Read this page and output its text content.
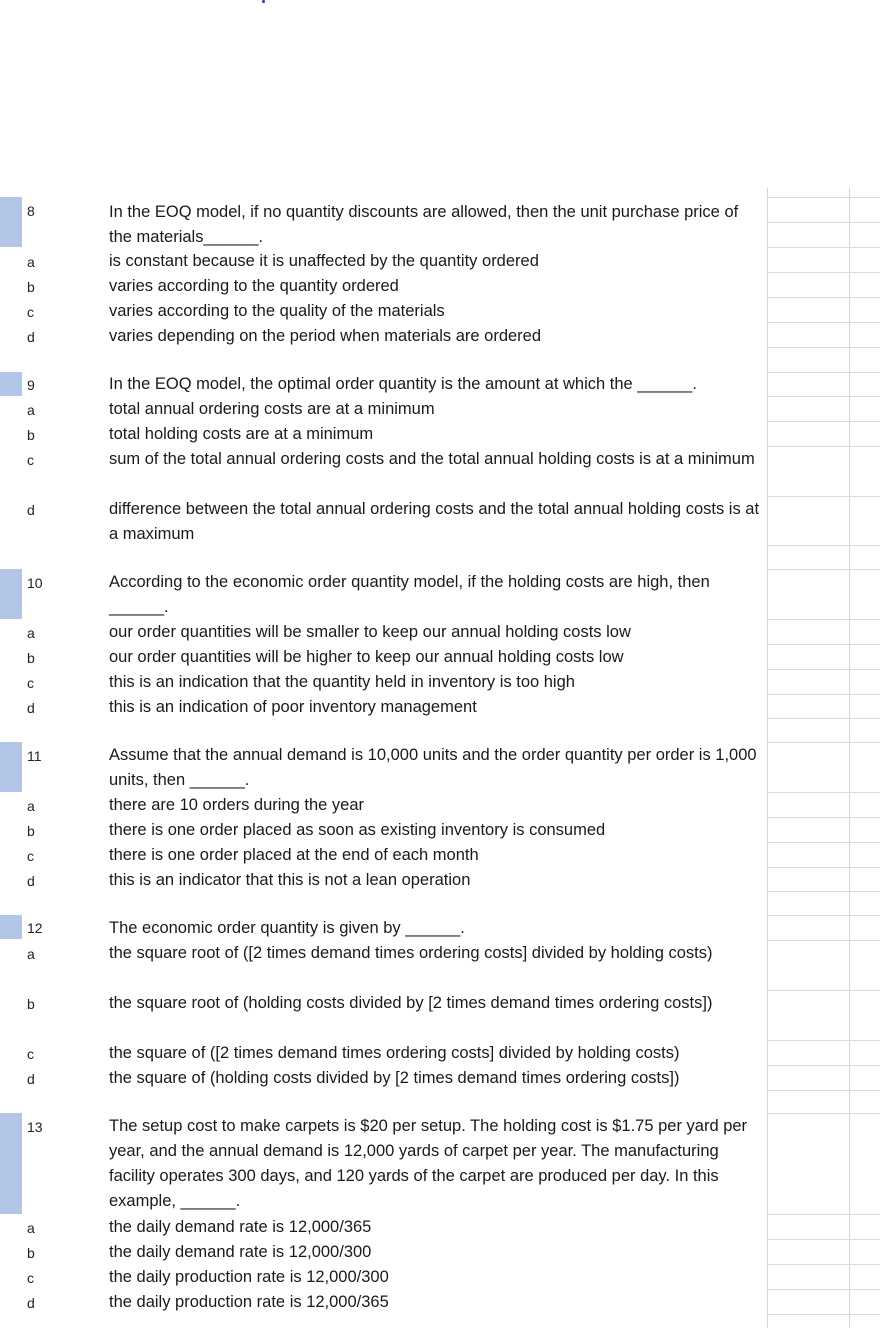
8	In the EOQ model, if no quantity discounts are allowed, then the unit purchase price of the materials______.
a	is constant because it is unaffected by the quantity ordered
b	varies according to the quantity ordered
c	varies according to the quality of the materials
d	varies depending on the period when materials are ordered
9	In the EOQ model, the optimal order quantity is the amount at which the ______.
a	total annual ordering costs are at a minimum
b	total holding costs are at a minimum
c	sum of the total annual ordering costs and the total annual holding costs is at a minimum
d	difference between the total annual ordering costs and the total annual holding costs is at a maximum
10	According to the economic order quantity model, if the holding costs are high, then ______.
a	our order quantities will be smaller to keep our annual holding costs low
b	our order quantities will be higher to keep our annual holding costs low
c	this is an indication that the quantity held in inventory is too high
d	this is an indication of poor inventory management
11	Assume that the annual demand is 10,000 units and the order quantity per order is 1,000 units, then ______.
a	there are 10 orders during the year
b	there is one order placed as soon as existing inventory is consumed
c	there is one order placed at the end of each month
d	this is an indicator that this is not a lean operation
12	The economic order quantity is given by ______.
a	the square root of ([2 times demand times ordering costs] divided by holding costs)
b	the square root of (holding costs divided by [2 times demand times ordering costs])
c	the square of ([2 times demand times ordering costs] divided by holding costs)
d	the square of (holding costs divided by [2 times demand times ordering costs])
13	The setup cost to make carpets is $20 per setup. The holding cost is $1.75 per yard per year, and the annual demand is 12,000 yards of carpet per year. The manufacturing facility operates 300 days, and 120 yards of the carpet are produced per day. In this example, ______.
a	the daily demand rate is 12,000/365
b	the daily demand rate is 12,000/300
c	the daily production rate is 12,000/300
d	the daily production rate is 12,000/365
